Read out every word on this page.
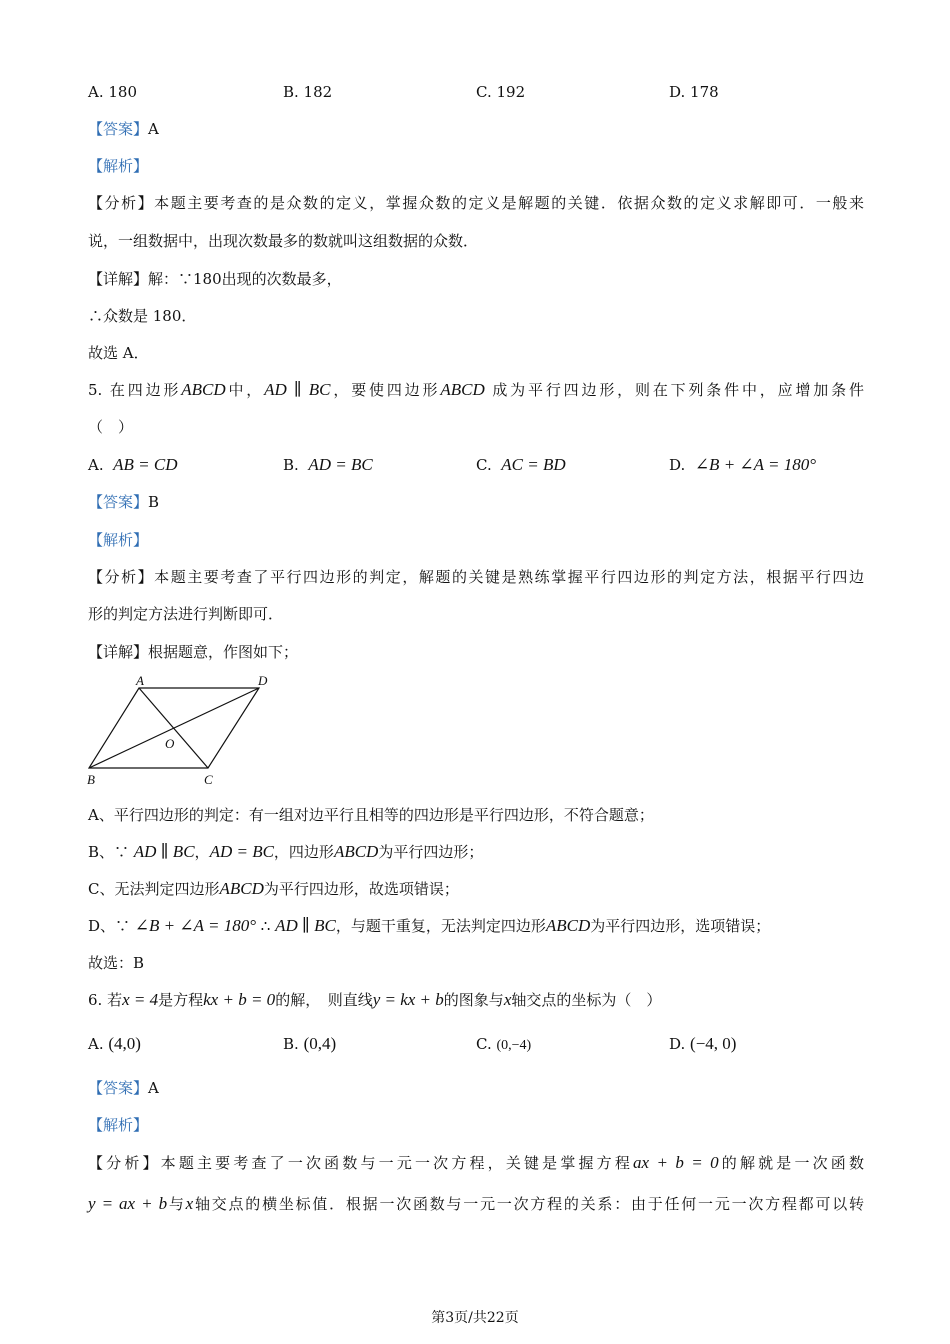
A. 180	B. 182	C. 192	D. 178
【答案】A
【解析】
【分析】本题主要考查的是众数的定义，掌握众数的定义是解题的关键．依据众数的定义求解即可．一般来
说，一组数据中，出现次数最多的数就叫这组数据的众数．
【详解】解：∵180出现的次数最多，
∴众数是 180．
故选 A．
5. 在四边形ABCD中，AD ∥ BC，要使四边形ABCD 成为平行四边形，则在下列条件中，应增加条件
（　）
A. AB = CD	B. AD = BC	C. AC = BD	D. ∠B + ∠A = 180°
【答案】B
【解析】
【分析】本题主要考查了平行四边形的判定，解题的关键是熟练掌握平行四边形的判定方法，根据平行四边
形的判定方法进行判断即可．
【详解】根据题意，作图如下；
A	D
O
B	C
A、平行四边形的判定：有一组对边平行且相等的四边形是平行四边形，不符合题意；
B、∵ AD ∥ BC，AD = BC，四边形ABCD为平行四边形；
C、无法判定四边形ABCD为平行四边形，故选项错误；
D、∵ ∠B + ∠A = 180° ∴ AD ∥ BC，与题干重复，无法判定四边形ABCD为平行四边形，选项错误；
故选：B
6. 若x = 4是方程kx + b = 0的解，　则直线y = kx + b的图象与x轴交点的坐标为（　）
A. (4,0)	B. (0,4)	C. (0,−4)	D. (−4, 0)
【答案】A
【解析】
【分析】本题主要考查了一次函数与一元一次方程，关键是掌握方程ax + b = 0的解就是一次函数
y = ax + b与x轴交点的横坐标值．根据一次函数与一元一次方程的关系：由于任何一元一次方程都可以转
第3页/共22页
